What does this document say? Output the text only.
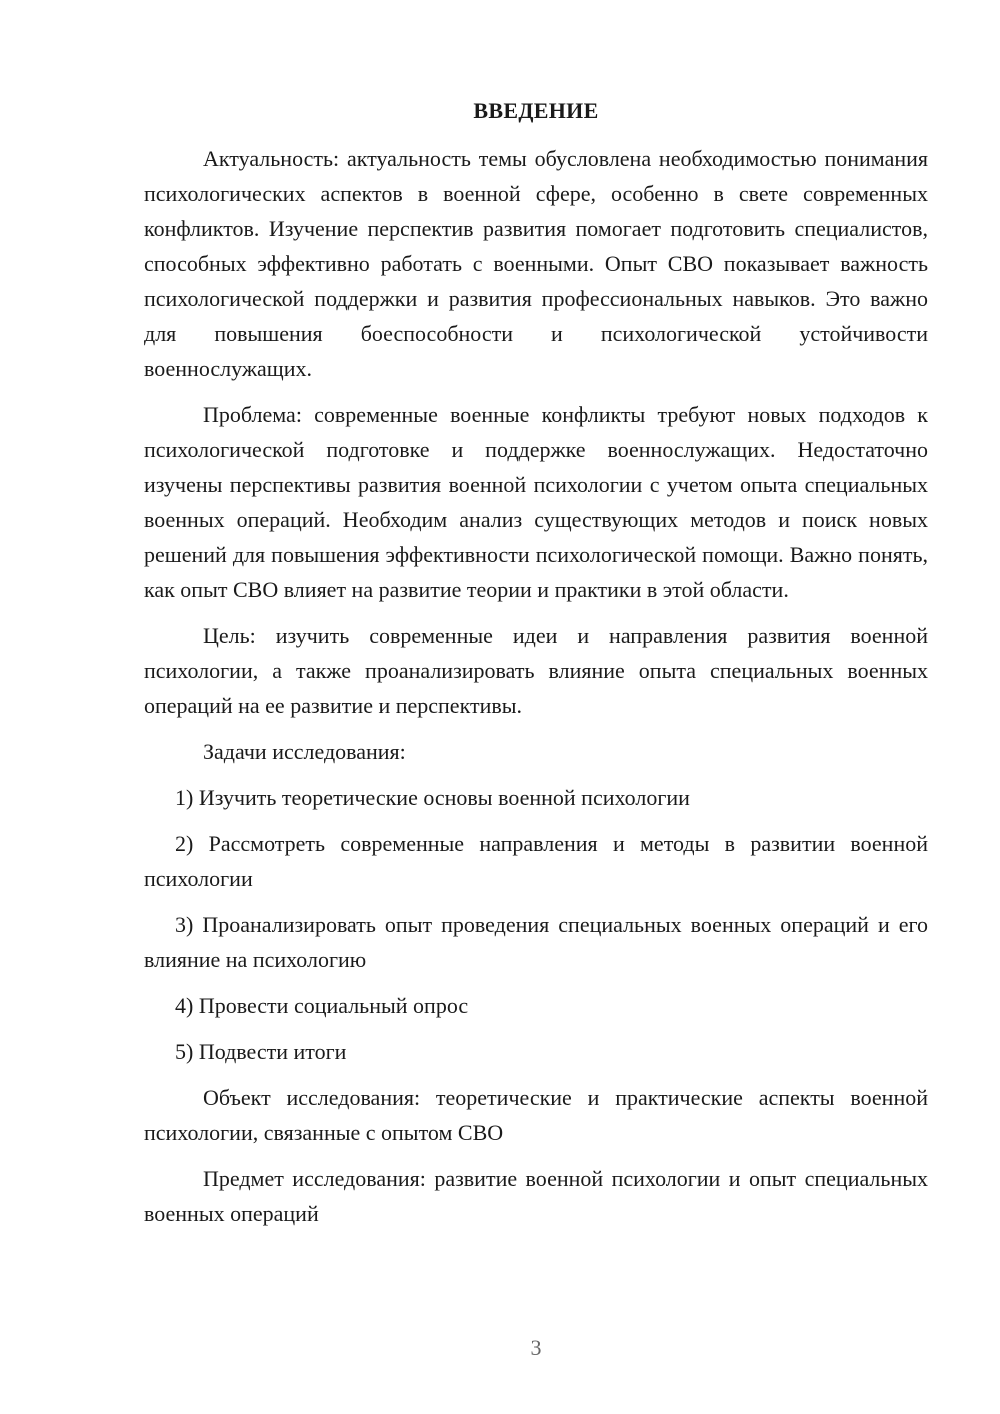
ВВЕДЕНИЕ

Актуальность: актуальность темы обусловлена необходимостью понимания психологических аспектов в военной сфере, особенно в свете современных конфликтов. Изучение перспектив развития помогает подготовить специалистов, способных эффективно работать с военными. Опыт СВО показывает важность психологической поддержки и развития профессиональных навыков. Это важно для повышения боеспособности и психологической устойчивости военнослужащих.

Проблема: современные военные конфликты требуют новых подходов к психологической подготовке и поддержке военнослужащих. Недостаточно изучены перспективы развития военной психологии с учетом опыта специальных военных операций. Необходим анализ существующих методов и поиск новых решений для повышения эффективности психологической помощи. Важно понять, как опыт СВО влияет на развитие теории и практики в этой области.

Цель: изучить современные идеи и направления развития военной психологии, а также проанализировать влияние опыта специальных военных операций на ее развитие и перспективы.

Задачи исследования:

1) Изучить теоретические основы военной психологии

2) Рассмотреть современные направления и методы в развитии военной психологии

3) Проанализировать опыт проведения специальных военных операций и его влияние на психологию

4) Провести социальный опрос

5) Подвести итоги

Объект исследования: теоретические и практические аспекты военной психологии, связанные с опытом СВО

Предмет исследования: развитие военной психологии и опыт специальных военных операций

3
